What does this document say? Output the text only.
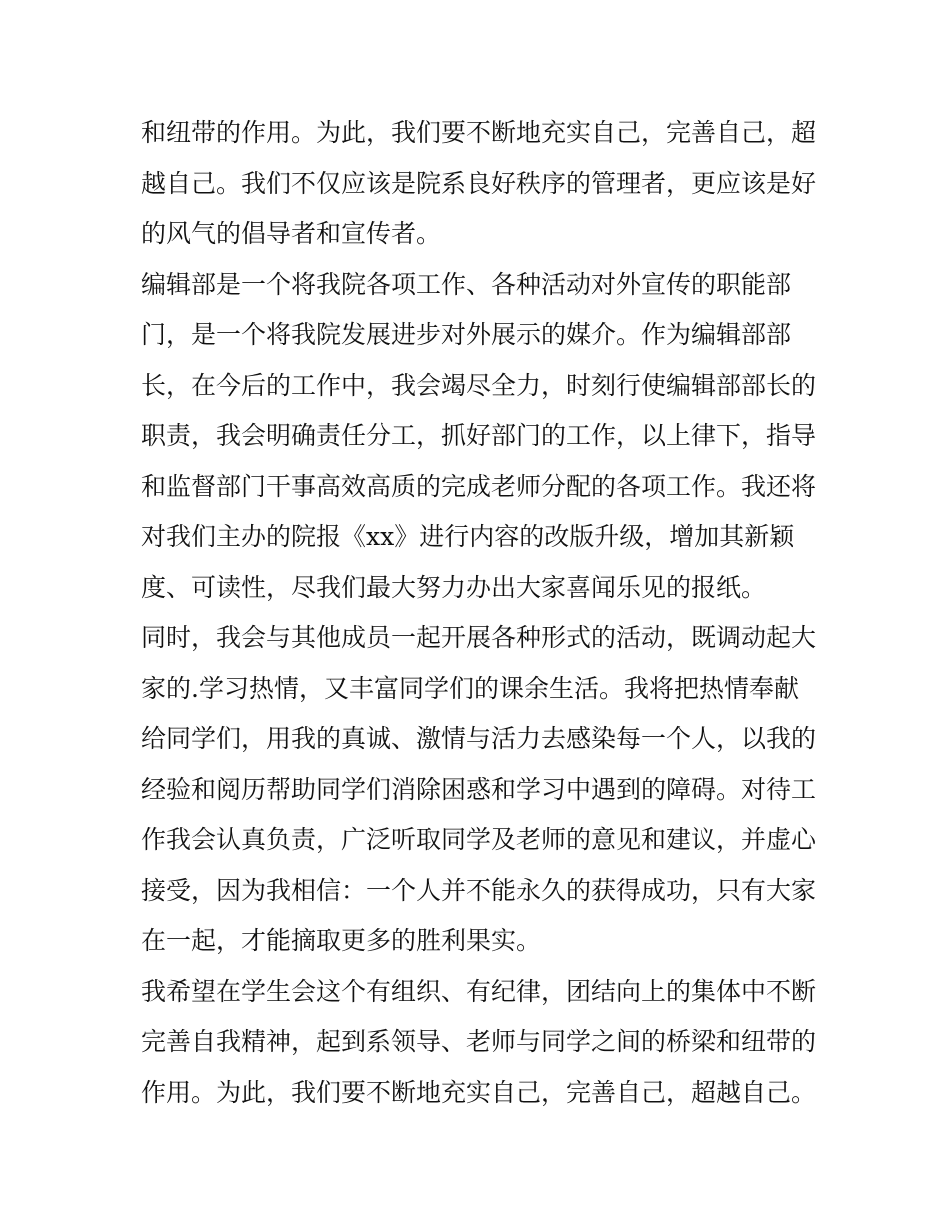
和纽带的作用。为此，我们要不断地充实自己，完善自己，超
越自己。我们不仅应该是院系良好秩序的管理者，更应该是好
的风气的倡导者和宣传者。
编辑部是一个将我院各项工作、各种活动对外宣传的职能部
门，是一个将我院发展进步对外展示的媒介。作为编辑部部
长，在今后的工作中，我会竭尽全力，时刻行使编辑部部长的
职责，我会明确责任分工，抓好部门的工作，以上律下，指导
和监督部门干事高效高质的完成老师分配的各项工作。我还将
对我们主办的院报《xx》进行内容的改版升级，增加其新颖
度、可读性，尽我们最大努力办出大家喜闻乐见的报纸。
同时，我会与其他成员一起开展各种形式的活动，既调动起大
家的.学习热情，又丰富同学们的课余生活。我将把热情奉献
给同学们，用我的真诚、激情与活力去感染每一个人，以我的
经验和阅历帮助同学们消除困惑和学习中遇到的障碍。对待工
作我会认真负责，广泛听取同学及老师的意见和建议，并虚心
接受，因为我相信：一个人并不能永久的获得成功，只有大家
在一起，才能摘取更多的胜利果实。
我希望在学生会这个有组织、有纪律，团结向上的集体中不断
完善自我精神，起到系领导、老师与同学之间的桥梁和纽带的
作用。为此，我们要不断地充实自己，完善自己，超越自己。
